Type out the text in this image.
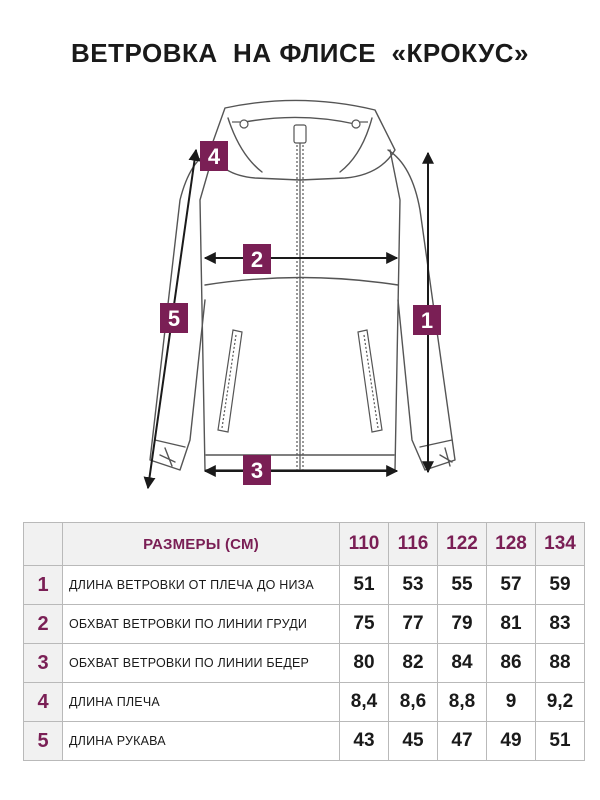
ВЕТРОВКА  НА ФЛИСЕ  «КРОКУС»
1
2
3
4
5
	РАЗМЕРЫ (СМ)	110	116	122	128	134
1	ДЛИНА ВЕТРОВКИ ОТ ПЛЕЧА ДО НИЗА	51	53	55	57	59
2	ОБХВАТ ВЕТРОВКИ ПО ЛИНИИ ГРУДИ	75	77	79	81	83
3	ОБХВАТ ВЕТРОВКИ ПО ЛИНИИ БЕДЕР	80	82	84	86	88
4	ДЛИНА ПЛЕЧА	8,4	8,6	8,8	9	9,2
5	ДЛИНА РУКАВА	43	45	47	49	51
